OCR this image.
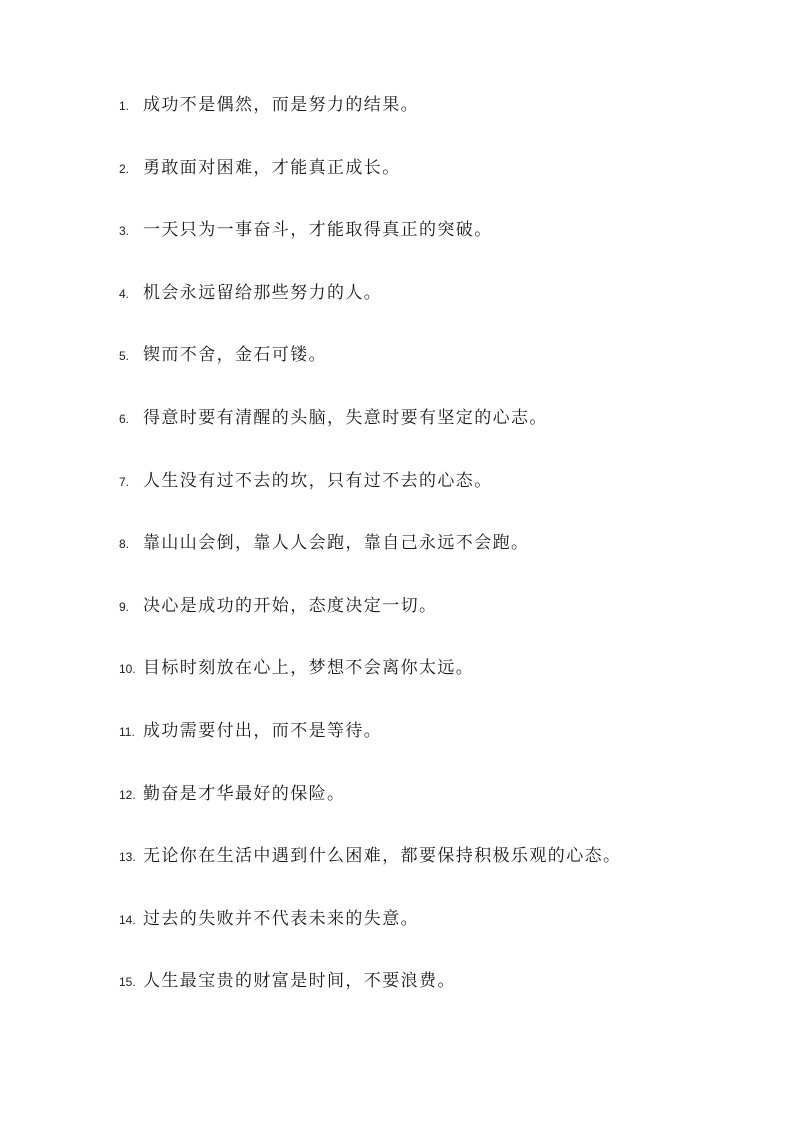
1. 成功不是偶然，而是努力的结果。
2. 勇敢面对困难，才能真正成长。
3. 一天只为一事奋斗，才能取得真正的突破。
4. 机会永远留给那些努力的人。
5. 锲而不舍，金石可镂。
6. 得意时要有清醒的头脑，失意时要有坚定的心志。
7. 人生没有过不去的坎，只有过不去的心态。
8. 靠山山会倒，靠人人会跑，靠自己永远不会跑。
9. 决心是成功的开始，态度决定一切。
10. 目标时刻放在心上，梦想不会离你太远。
11. 成功需要付出，而不是等待。
12. 勤奋是才华最好的保险。
13. 无论你在生活中遇到什么困难，都要保持积极乐观的心态。
14. 过去的失败并不代表未来的失意。
15. 人生最宝贵的财富是时间，不要浪费。
